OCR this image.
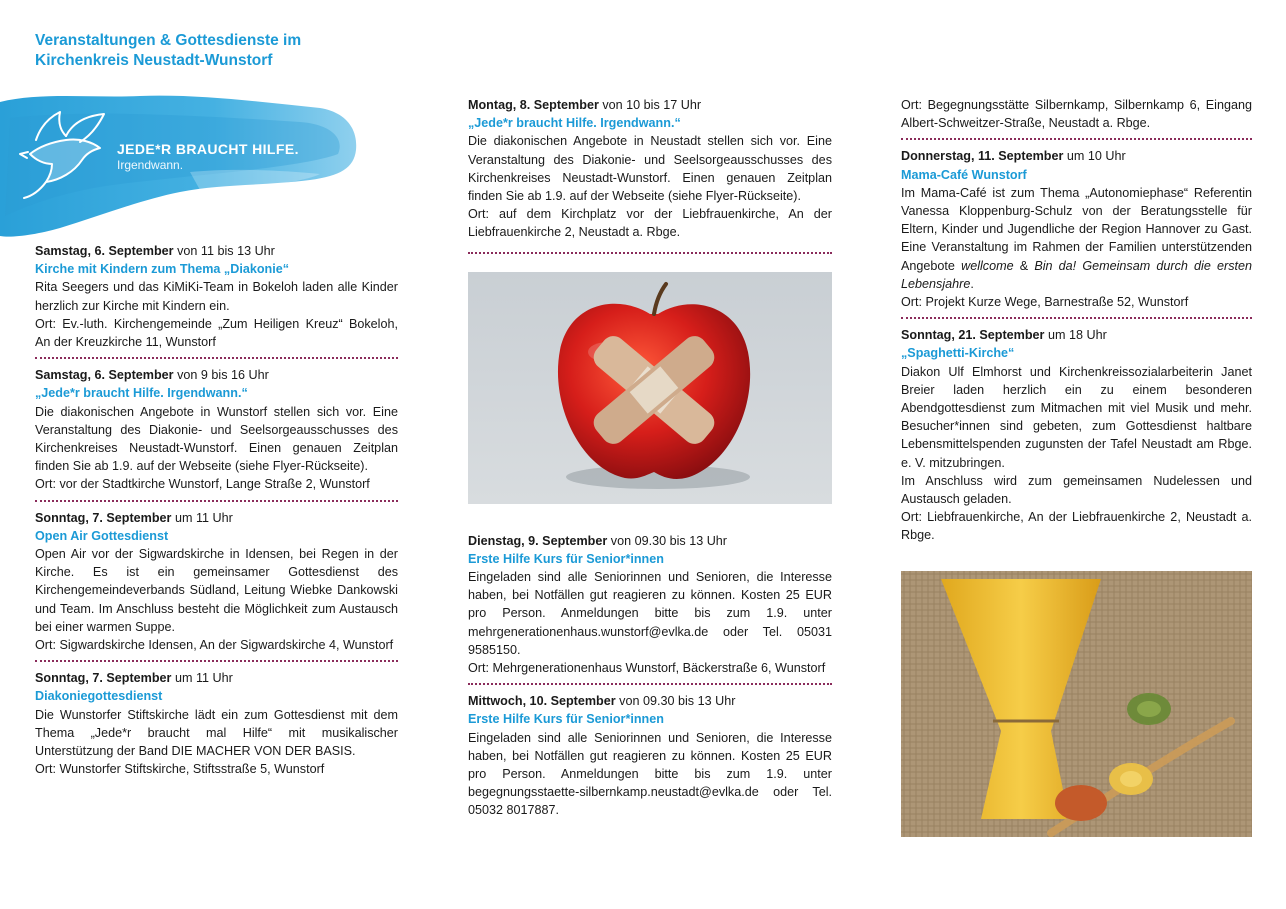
Veranstaltungen & Gottesdienste im
Kirchenkreis Neustadt-Wunstorf
JEDE*R BRAUCHT HILFE.
Irgendwann.

Samstag, 6. September von 11 bis 13 Uhr

Kirche mit Kindern zum Thema „Diakonie“

Rita Seegers und das KiMiKi-Team in Bokeloh laden alle Kinder herzlich zur Kirche mit Kindern ein.

Ort: Ev.-luth. Kirchengemeinde „Zum Heiligen Kreuz“ Bokeloh, An der Kreuzkirche 11, Wunstorf

Samstag, 6. September von 9 bis 16 Uhr

„Jede*r braucht Hilfe. Irgendwann.“

Die diakonischen Angebote in Wunstorf stellen sich vor. Eine Veranstaltung des Diakonie- und Seelsorgeausschusses des Kirchenkreises Neustadt-Wunstorf. Einen genauen Zeitplan finden Sie ab 1.9. auf der Webseite (siehe Flyer-Rückseite).

Ort: vor der Stadtkirche Wunstorf, Lange Straße 2, Wunstorf

Sonntag, 7. September um 11 Uhr

Open Air Gottesdienst

Open Air vor der Sigwardskirche in Idensen, bei Regen in der Kirche. Es ist ein gemeinsamer Gottesdienst des Kirchengemeindeverbands Südland, Leitung Wiebke Dankowski und Team. Im Anschluss besteht die Möglichkeit zum Austausch bei einer warmen Suppe.

Ort: Sigwardskirche Idensen, An der Sigwardskirche 4, Wunstorf

Sonntag, 7. September um 11 Uhr

Diakoniegottesdienst

Die Wunstorfer Stiftskirche lädt ein zum Gottesdienst mit dem Thema „Jede*r braucht mal Hilfe“ mit musikalischer Unterstützung der Band DIE MACHER VON DER BASIS.

Ort: Wunstorfer Stiftskirche, Stiftsstraße 5, Wunstorf

Montag, 8. September von 10 bis 17 Uhr

„Jede*r braucht Hilfe. Irgendwann.“

Die diakonischen Angebote in Neustadt stellen sich vor. Eine Veranstaltung des Diakonie- und Seelsorgeausschusses des Kirchenkreises Neustadt-Wunstorf. Einen genauen Zeitplan finden Sie ab 1.9. auf der Webseite (siehe Flyer-Rückseite).

Ort: auf dem Kirchplatz vor der Liebfrauenkirche, An der Liebfrauenkirche 2, Neustadt a. Rbge.

Dienstag, 9. September von 09.30 bis 13 Uhr

Erste Hilfe Kurs für Senior*innen

Eingeladen sind alle Seniorinnen und Senioren, die Interesse haben, bei Notfällen gut reagieren zu können. Kosten 25 EUR pro Person. Anmeldungen bitte bis zum 1.9. unter mehrgenerationenhaus.wunstorf@evlka.de oder Tel. 05031 9585150.

Ort: Mehrgenerationenhaus Wunstorf, Bäckerstraße 6, Wunstorf

Mittwoch, 10. September von 09.30 bis 13 Uhr

Erste Hilfe Kurs für Senior*innen

Eingeladen sind alle Seniorinnen und Senioren, die Interesse haben, bei Notfällen gut reagieren zu können. Kosten 25 EUR pro Person. Anmeldungen bitte bis zum 1.9. unter begegnungsstaette-silbernkamp.neustadt@evlka.de oder Tel. 05032 8017887.

Ort: Begegnungsstätte Silbernkamp, Silbernkamp 6, Eingang Albert-Schweitzer-Straße, Neustadt a. Rbge.

Donnerstag, 11. September um 10 Uhr

Mama-Café Wunstorf

Im Mama-Café ist zum Thema „Autonomiephase“ Referentin Vanessa Kloppenburg-Schulz von der Beratungsstelle für Eltern, Kinder und Jugendliche der Region Hannover zu Gast. Eine Veranstaltung im Rahmen der Familien unterstützenden Angebote wellcome & Bin da! Gemeinsam durch die ersten Lebensjahre.

Ort: Projekt Kurze Wege, Barnestraße 52, Wunstorf

Sonntag, 21. September um 18 Uhr

„Spaghetti-Kirche“

Diakon Ulf Elmhorst und Kirchenkreissozialarbeiterin Janet Breier laden herzlich ein zu einem besonderen Abendgottesdienst zum Mitmachen mit viel Musik und mehr. Besucher*innen sind gebeten, zum Gottesdienst haltbare Lebensmittelspenden zugunsten der Tafel Neustadt am Rbge. e. V. mitzubringen.

Im Anschluss wird zum gemeinsamen Nudelessen und Austausch geladen.

Ort: Liebfrauenkirche, An der Liebfrauenkirche 2, Neustadt a. Rbge.
